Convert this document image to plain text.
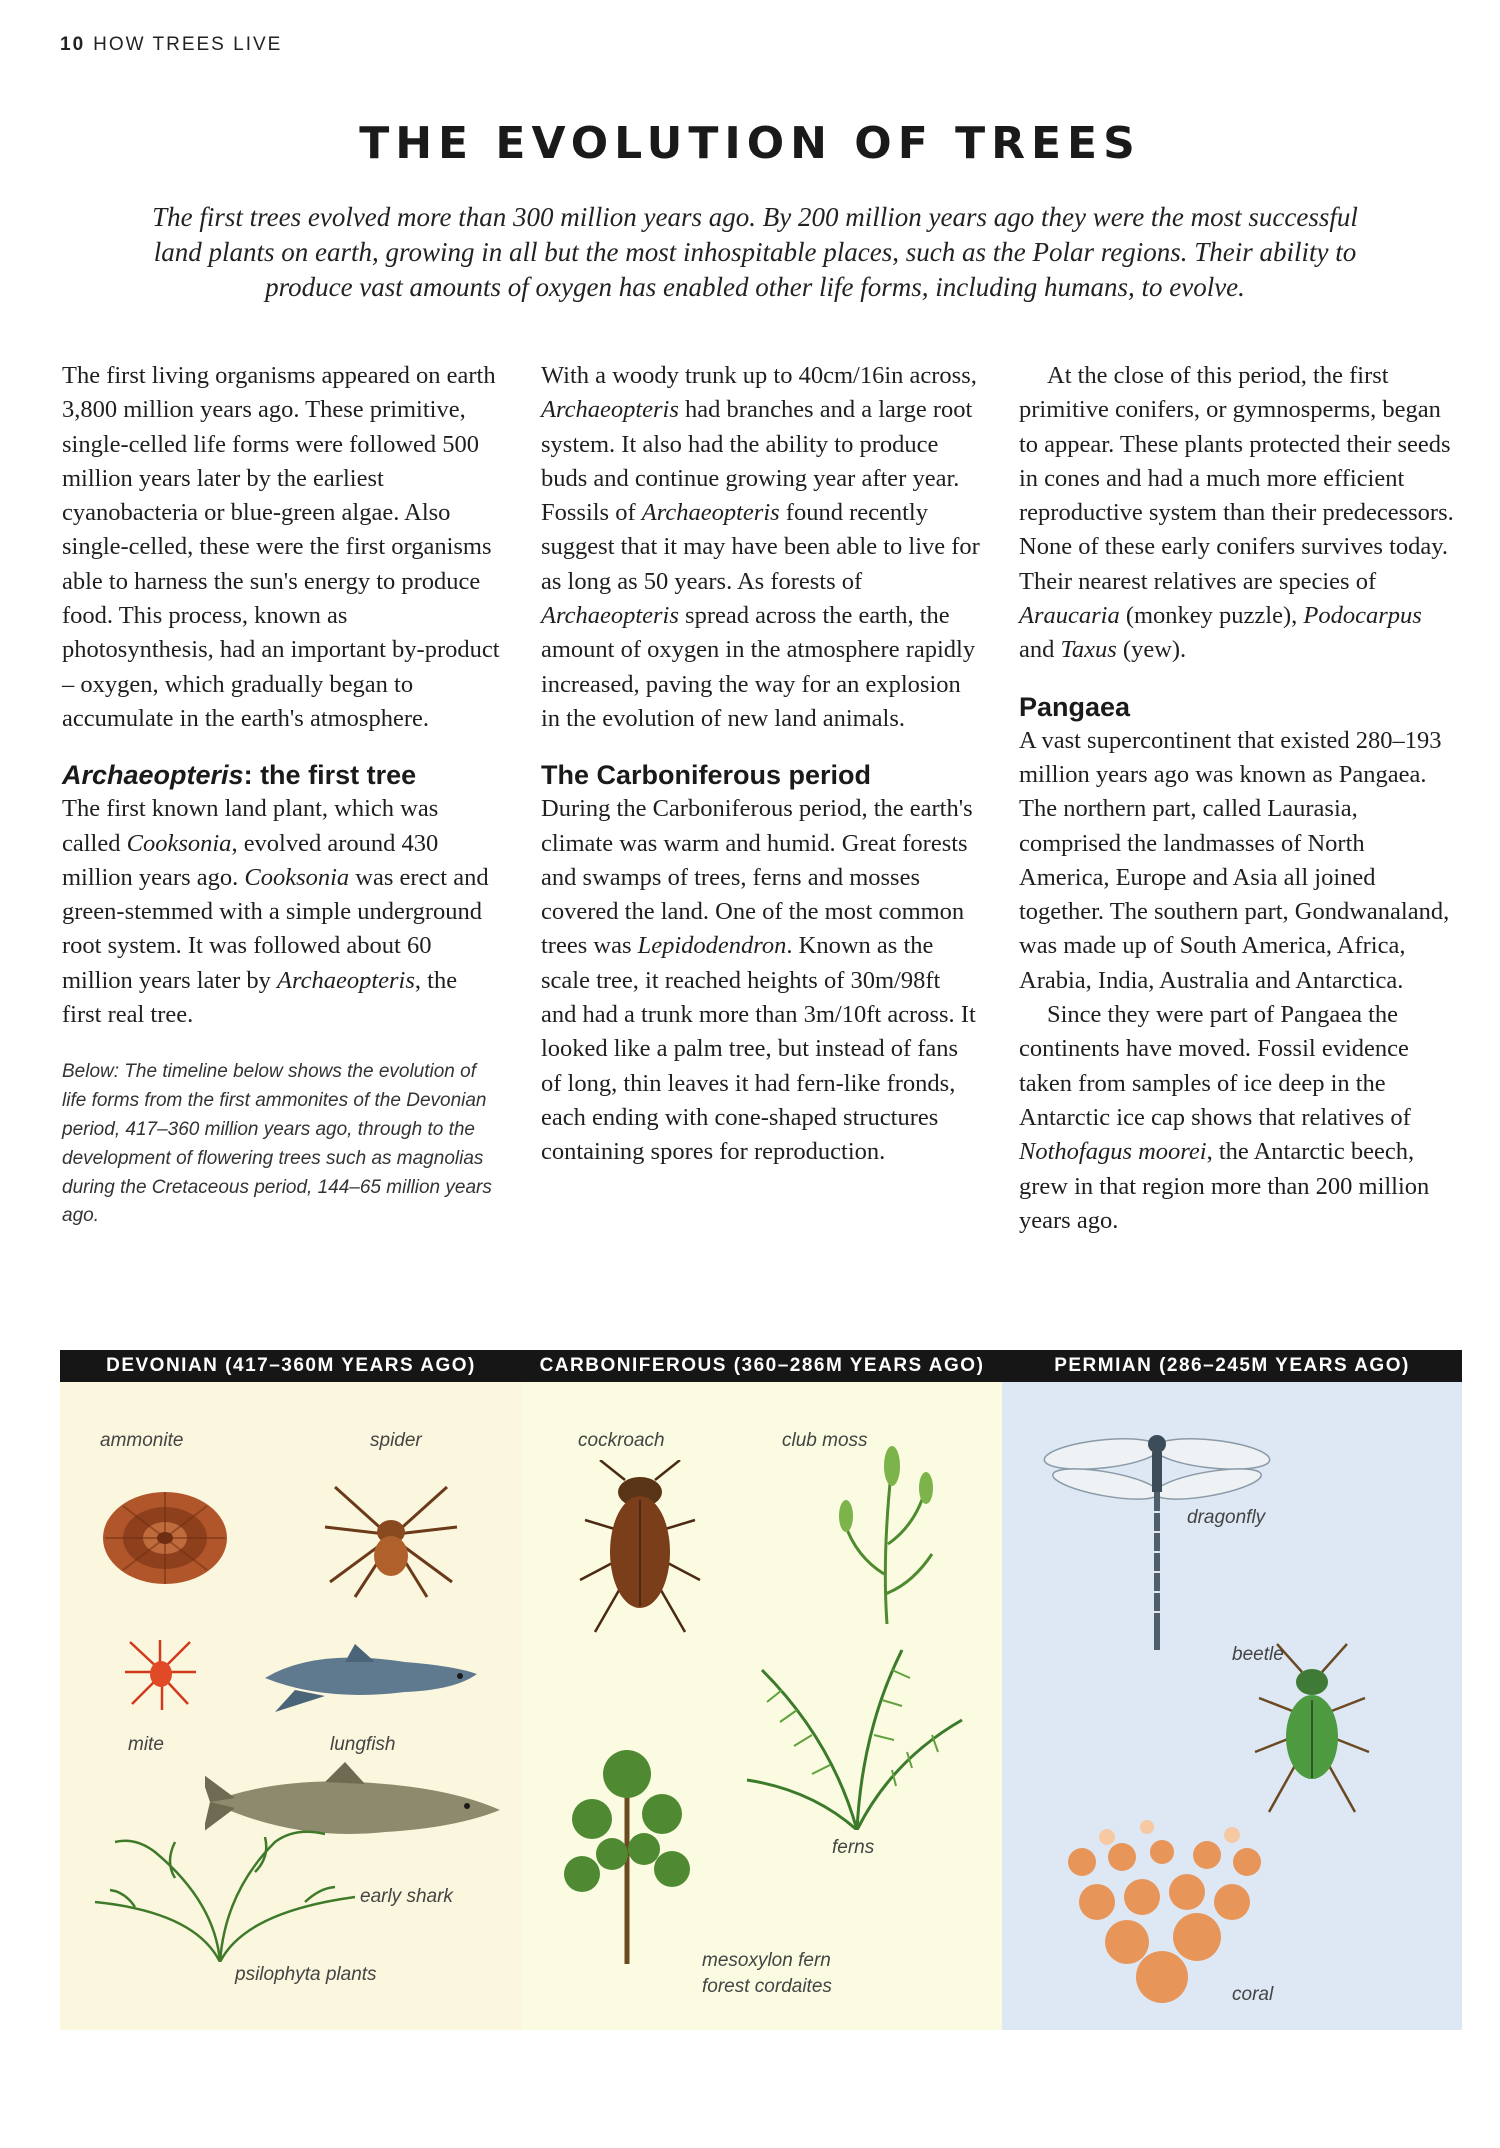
10 HOW TREES LIVE
THE EVOLUTION OF TREES
The first trees evolved more than 300 million years ago. By 200 million years ago they were the most successful land plants on earth, growing in all but the most inhospitable places, such as the Polar regions. Their ability to produce vast amounts of oxygen has enabled other life forms, including humans, to evolve.

The first living organisms appeared on earth 3,800 million years ago. These primitive, single-celled life forms were followed 500 million years later by the earliest cyanobacteria or blue-green algae. Also single-celled, these were the first organisms able to harness the sun's energy to produce food. This process, known as photosynthesis, had an important by-product – oxygen, which gradually began to accumulate in the earth's atmosphere.

Archaeopteris: the first tree

The first known land plant, which was called Cooksonia, evolved around 430 million years ago. Cooksonia was erect and green-stemmed with a simple underground root system. It was followed about 60 million years later by Archaeopteris, the first real tree.

Below: The timeline below shows the evolution of life forms from the first ammonites of the Devonian period, 417–360 million years ago, through to the development of flowering trees such as magnolias during the Cretaceous period, 144–65 million years ago.

With a woody trunk up to 40cm/16in across, Archaeopteris had branches and a large root system. It also had the ability to produce buds and continue growing year after year. Fossils of Archaeopteris found recently suggest that it may have been able to live for as long as 50 years. As forests of Archaeopteris spread across the earth, the amount of oxygen in the atmosphere rapidly increased, paving the way for an explosion in the evolution of new land animals.

The Carboniferous period

During the Carboniferous period, the earth's climate was warm and humid. Great forests and swamps of trees, ferns and mosses covered the land. One of the most common trees was Lepidodendron. Known as the scale tree, it reached heights of 30m/98ft and had a trunk more than 3m/10ft across. It looked like a palm tree, but instead of fans of long, thin leaves it had fern-like fronds, each ending with cone-shaped structures containing spores for reproduction.

At the close of this period, the first primitive conifers, or gymnosperms, began to appear. These plants protected their seeds in cones and had a much more efficient reproductive system than their predecessors. None of these early conifers survives today. Their nearest relatives are species of Araucaria (monkey puzzle), Podocarpus and Taxus (yew).

Pangaea

A vast supercontinent that existed 280–193 million years ago was known as Pangaea. The northern part, called Laurasia, comprised the landmasses of North America, Europe and Asia all joined together. The southern part, Gondwanaland, was made up of South America, Africa, Arabia, India, Australia and Antarctica.

Since they were part of Pangaea the continents have moved. Fossil evidence taken from samples of ice deep in the Antarctic ice cap shows that relatives of Nothofagus moorei, the Antarctic beech, grew in that region more than 200 million years ago.

DEVONIAN (417–360M YEARS AGO)	CARBONIFEROUS (360–286M YEARS AGO)	PERMIAN (286–245M YEARS AGO)
ammonite	spider
mite	lungfish
early shark
psilophyta plants
cockroach	club moss
ferns
mesoxylon fern
forest cordaites
dragonfly
beetle
coral
